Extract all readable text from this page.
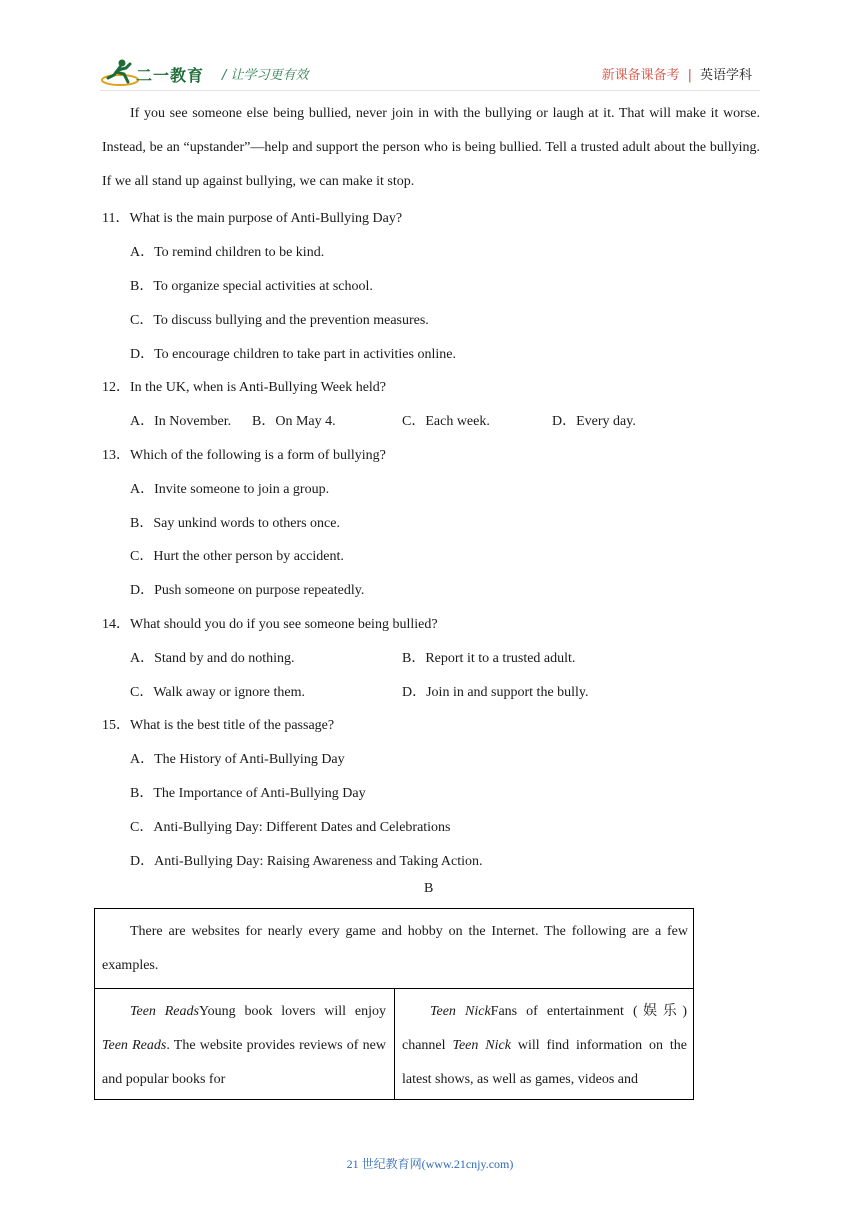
二一教育 / 让学习更有效	新课备课备考 | 英语学科
If you see someone else being bullied, never join in with the bullying or laugh at it. That will make it worse. Instead, be an “upstander”—help and support the person who is being bullied. Tell a trusted adult about the bullying. If we all stand up against bullying, we can make it stop.
11．What is the main purpose of Anti-Bullying Day?
A．To remind children to be kind.
B．To organize special activities at school.
C．To discuss bullying and the prevention measures.
D．To encourage children to take part in activities online.
12．In the UK, when is Anti-Bullying Week held?
A．In November. B．On May 4.	C．Each week.	D．Every day.
13．Which of the following is a form of bullying?
A．Invite someone to join a group.
B．Say unkind words to others once.
C．Hurt the other person by accident.
D．Push someone on purpose repeatedly.
14．What should you do if you see someone being bullied?
A．Stand by and do nothing.	B．Report it to a trusted adult.
C．Walk away or ignore them.	D．Join in and support the bully.
15．What is the best title of the passage?
A．The History of Anti-Bullying Day
B．The Importance of Anti-Bullying Day
C．Anti-Bullying Day: Different Dates and Celebrations
D．Anti-Bullying Day: Raising Awareness and Taking Action.
B
There are websites for nearly every game and hobby on the Internet. The following are a few examples.
Teen ReadsYoung book lovers will enjoy Teen Reads. The website provides reviews of new and popular books for
Teen NickFans of entertainment (娱乐) channel Teen Nick will find information on the latest shows, as well as games, videos and
21 世纪教育网(www.21cnjy.com)
